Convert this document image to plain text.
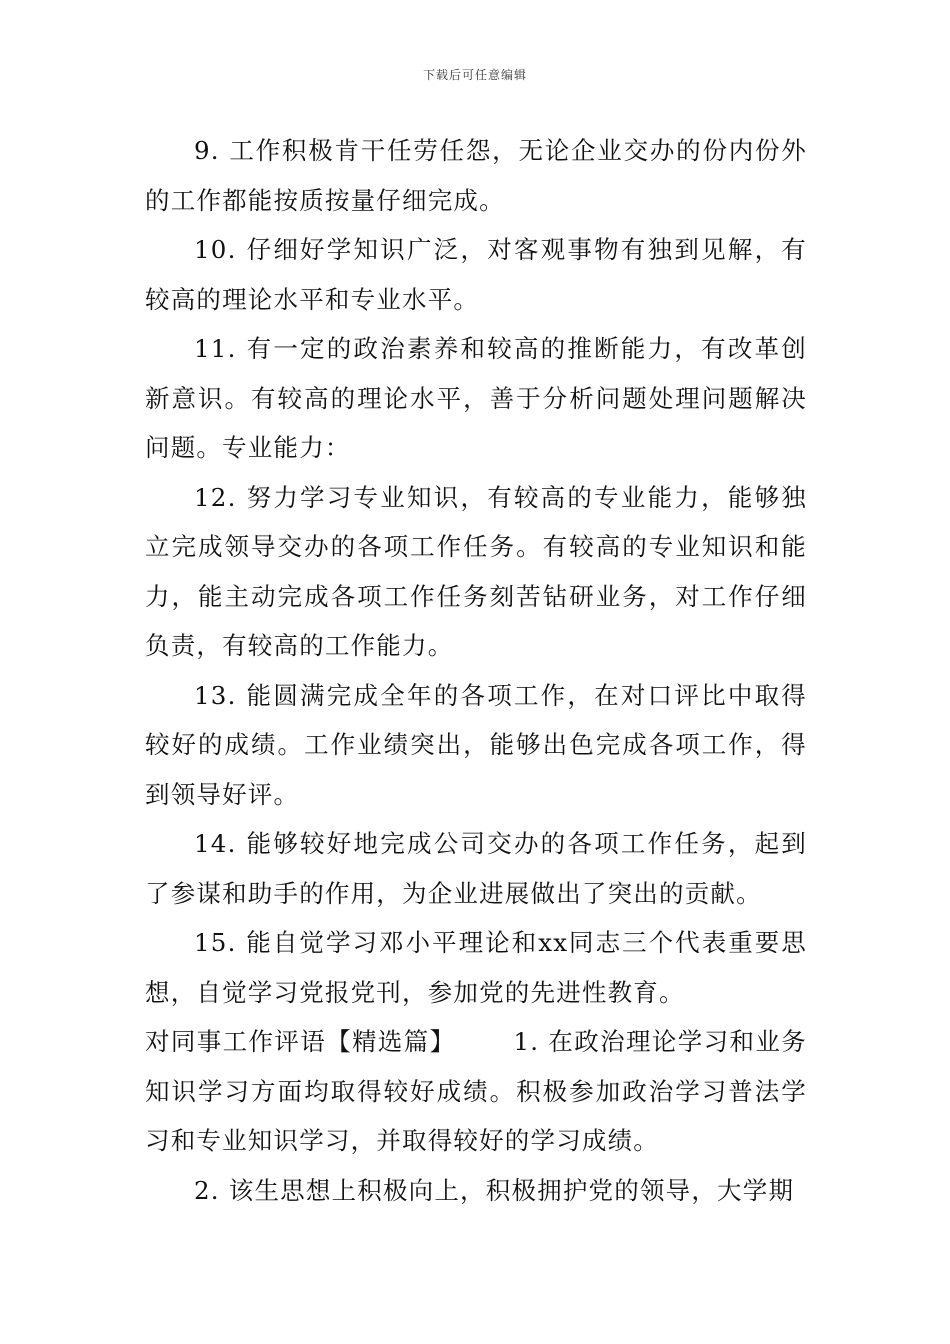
下载后可任意编辑

9. 工作积极肯干任劳任怨，无论企业交办的份内份外的工作都能按质按量仔细完成。

10. 仔细好学知识广泛，对客观事物有独到见解，有较高的理论水平和专业水平。

11. 有一定的政治素养和较高的推断能力，有改革创新意识。有较高的理论水平，善于分析问题处理问题解决问题。专业能力：

12. 努力学习专业知识，有较高的专业能力，能够独立完成领导交办的各项工作任务。有较高的专业知识和能力，能主动完成各项工作任务刻苦钻研业务，对工作仔细负责，有较高的工作能力。

13. 能圆满完成全年的各项工作，在对口评比中取得较好的成绩。工作业绩突出，能够出色完成各项工作，得到领导好评。

14. 能够较好地完成公司交办的各项工作任务，起到了参谋和助手的作用，为企业进展做出了突出的贡献。

15. 能自觉学习邓小平理论和xx同志三个代表重要思想，自觉学习党报党刊，参加党的先进性教育。

对同事工作评语【精选篇】 1. 在政治理论学习和业务知识学习方面均取得较好成绩。积极参加政治学习普法学习和专业知识学习，并取得较好的学习成绩。

2. 该生思想上积极向上，积极拥护党的领导，大学期
